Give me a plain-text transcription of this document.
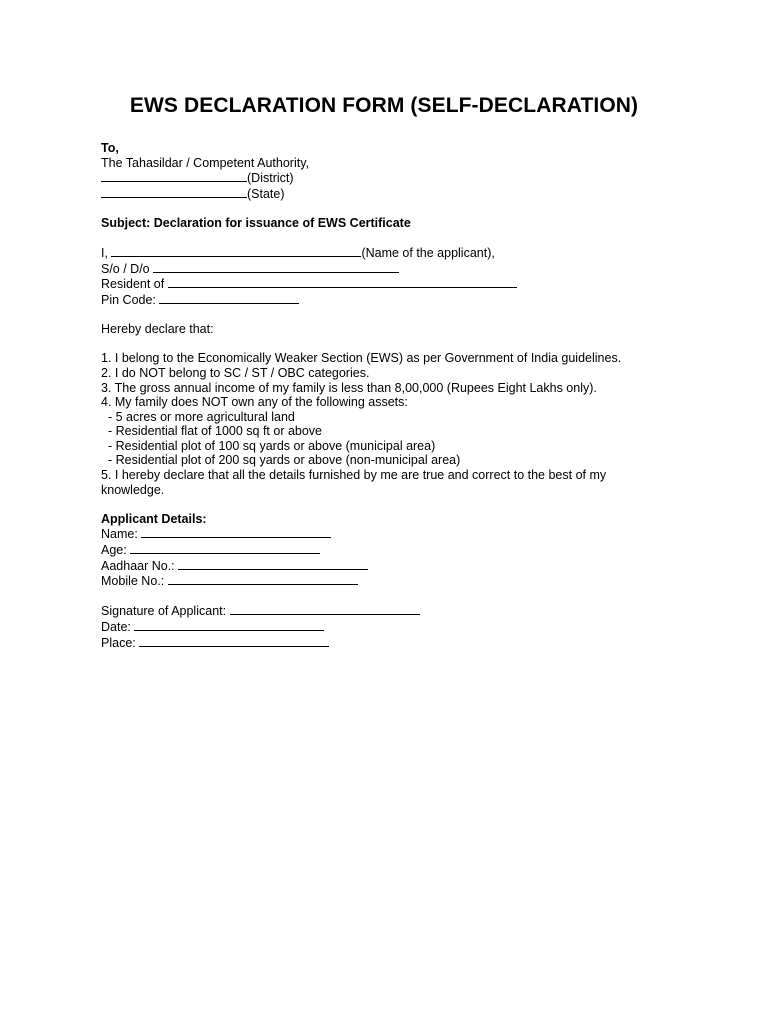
EWS DECLARATION FORM (SELF-DECLARATION)
To,
The Tahasildar / Competent Authority,
(District)
(State)
Subject: Declaration for issuance of EWS Certificate
I,	(Name of the applicant),
S/o / D/o
Resident of
Pin Code:
Hereby declare that:
1. I belong to the Economically Weaker Section (EWS) as per Government of India guidelines.
2. I do NOT belong to SC / ST / OBC categories.
3. The gross annual income of my family is less than 8,00,000 (Rupees Eight Lakhs only).
4. My family does NOT own any of the following assets:
- 5 acres or more agricultural land
- Residential flat of 1000 sq ft or above
- Residential plot of 100 sq yards or above (municipal area)
- Residential plot of 200 sq yards or above (non-municipal area)
5. I hereby declare that all the details furnished by me are true and correct to the best of my knowledge.
Applicant Details:
Name:
Age:
Aadhaar No.:
Mobile No.:
Signature of Applicant:
Date:
Place:
